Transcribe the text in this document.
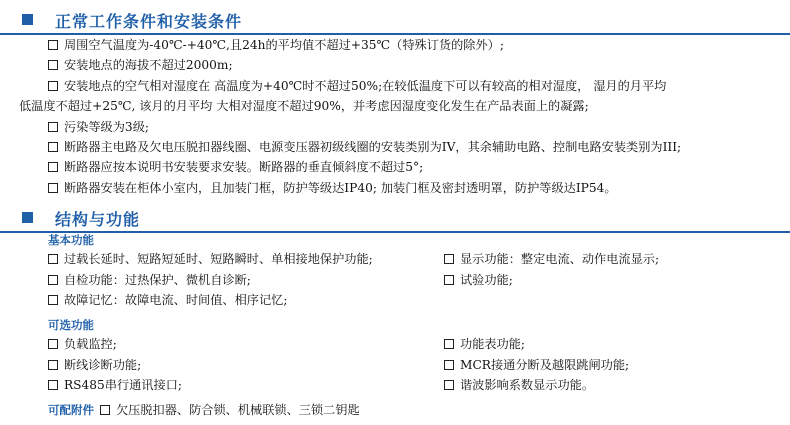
正常工作条件和安装条件
周围空气温度为-40℃-+40℃,且24h的平均值不超过+35℃（特殊订货的除外）;
安装地点的海拔不超过2000m;
安装地点的空气相对湿度在 高温度为+40℃时不超过50%;在较低温度下可以有较高的相对湿度， 湿月的月平均
低温度不超过+25℃, 该月的月平均 大相对湿度不超过90%，并考虑因湿度变化发生在产品表面上的凝露;
污染等级为3级;
断路器主电路及欠电压脱扣器线圈、电源变压器初级线圈的安装类别为IV，其余辅助电路、控制电路安装类别为III;
断路器应按本说明书安装要求安装。断路器的垂直倾斜度不超过5°;
断路器安装在柜体小室内，且加装门框，防护等级达IP40; 加装门框及密封透明罩，防护等级达IP54。
结构与功能
基本功能
过载长延时、短路短延时、短路瞬时、单相接地保护功能;
自检功能：过热保护、微机自诊断;
故障记忆：故障电流、时间值、相序记忆;
显示功能：整定电流、动作电流显示;
试验功能;
可选功能
负载监控;
断线诊断功能;
RS485串行通讯接口;
功能表功能;
MCR接通分断及越限跳闸功能;
谐波影响系数显示功能。
可配附件 欠压脱扣器、防合锁、机械联锁、三锁二钥匙
